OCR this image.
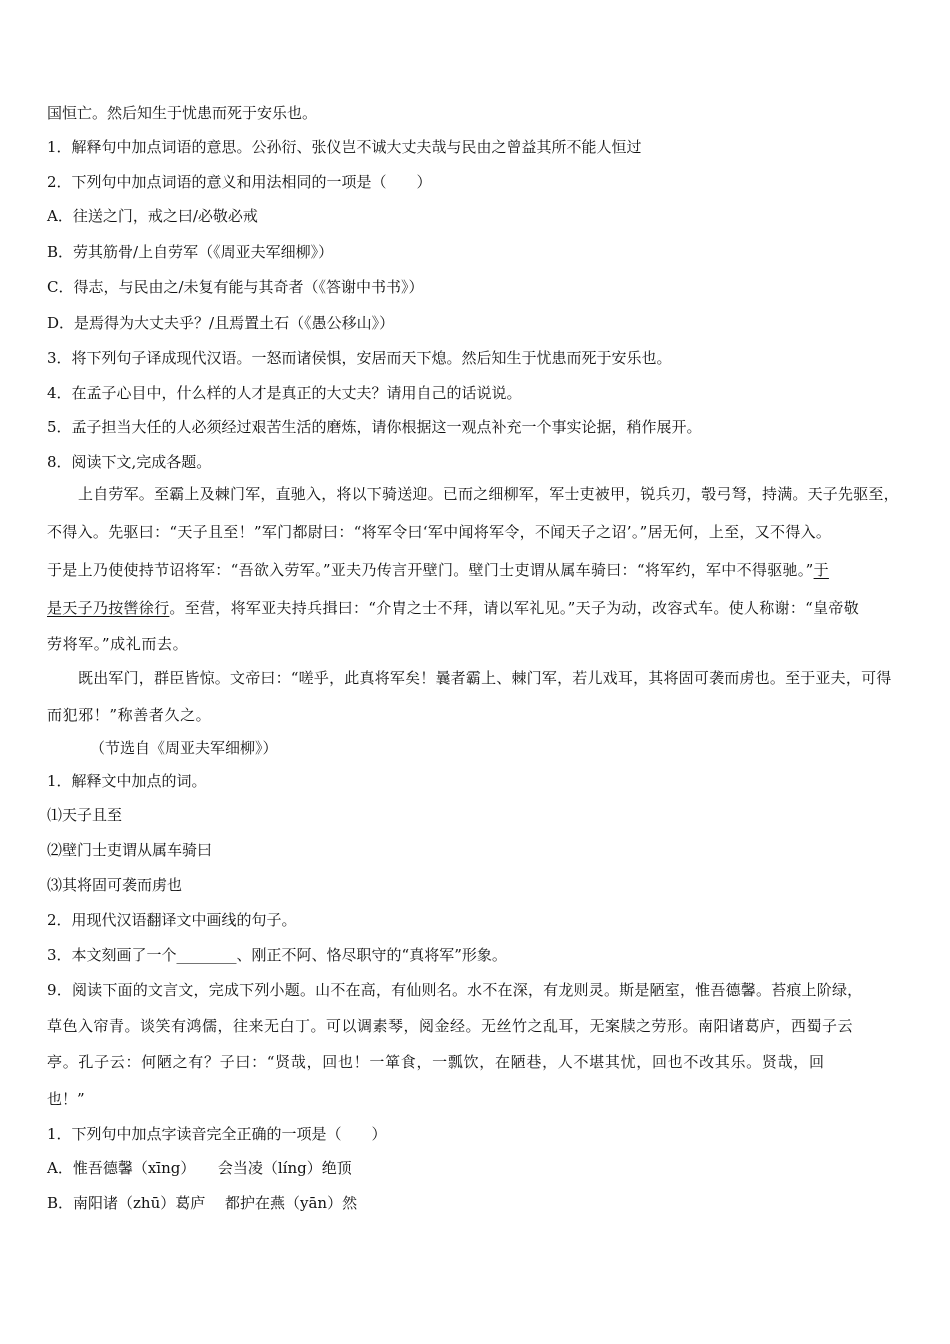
国恒亡。然后知生于忧患而死于安乐也。
1．解释句中加点词语的意思。公孙衍、张仪岂不诚大丈夫哉与民由之曾益其所不能人恒过
2．下列句中加点词语的意义和用法相同的一项是（　　）
A．往送之门，戒之曰/必敬必戒
B．劳其筋骨/上自劳军（《周亚夫军细柳》）
C．得志，与民由之/未复有能与其奇者（《答谢中书书》）
D．是焉得为大丈夫乎？/且焉置土石（《愚公移山》）
3．将下列句子译成现代汉语。一怒而诸侯惧，安居而天下熄。然后知生于忧患而死于安乐也。
4．在孟子心目中，什么样的人才是真正的大丈夫？请用自己的话说说。
5．孟子担当大任的人必须经过艰苦生活的磨炼，请你根据这一观点补充一个事实论据，稍作展开。
8．阅读下文,完成各题。
上自劳军。至霸上及棘门军，直驰入，将以下骑送迎。已而之细柳军，军士吏被甲，锐兵刃，彀弓弩，持满。天子先驱至，
不得入。先驱曰：“天子且至！”军门都尉曰：“将军令曰‘军中闻将军令，不闻天子之诏’。”居无何，上至，又不得入。
于是上乃使使持节诏将军：“吾欲入劳军。”亚夫乃传言开壁门。壁门士吏谓从属车骑曰：“将军约，军中不得驱驰。”于
是天子乃按辔徐行。至营，将军亚夫持兵揖曰：“介胄之士不拜，请以军礼见。”天子为动，改容式车。使人称谢：“皇帝敬
劳将军。”成礼而去。
既出军门，群臣皆惊。文帝曰：“嗟乎，此真将军矣！曩者霸上、棘门军，若儿戏耳，其将固可袭而虏也。至于亚夫，可得
而犯邪！”称善者久之。
（节选自《周亚夫军细柳》）
1．解释文中加点的词。
⑴天子且至
⑵壁门士吏谓从属车骑曰
⑶其将固可袭而虏也
2．用现代汉语翻译文中画线的句子。
3．本文刻画了一个________、刚正不阿、恪尽职守的“真将军”形象。
9．阅读下面的文言文，完成下列小题。山不在高，有仙则名。水不在深，有龙则灵。斯是陋室，惟吾德馨。苔痕上阶绿，
草色入帘青。谈笑有鸿儒，往来无白丁。可以调素琴，阅金经。无丝竹之乱耳，无案牍之劳形。南阳诸葛庐，西蜀子云
亭。孔子云：何陋之有？子曰：“贤哉，回也！一箪食，一瓢饮，在陋巷，人不堪其忧，回也不改其乐。贤哉，回
也！”
1．下列句中加点字读音完全正确的一项是（　　）
A．惟吾德馨（xīng）　　会当凌（líng）绝顶
B．南阳诸（zhū）葛庐　 都护在燕（yān）然
